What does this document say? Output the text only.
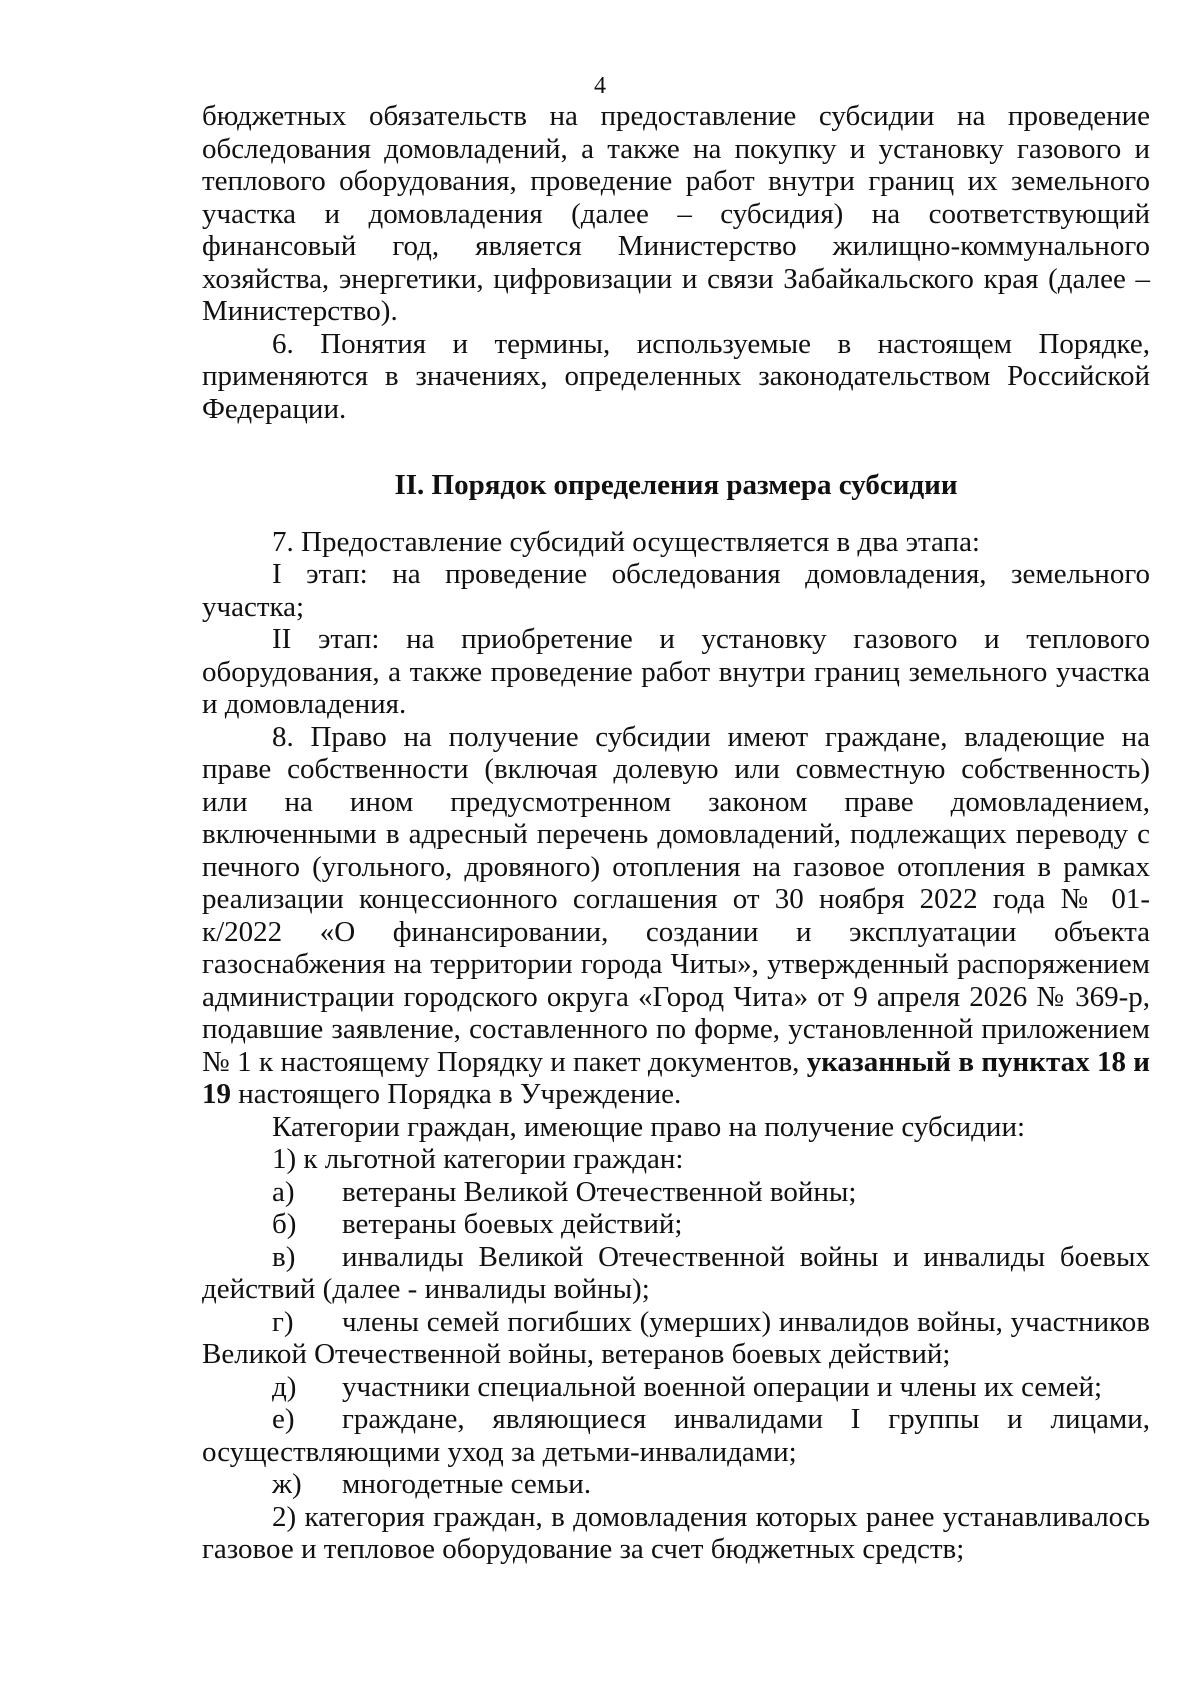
4

бюджетных обязательств на предоставление субсидии на проведение обследования домовладений, а также на покупку и установку газового и теплового оборудования, проведение работ внутри границ их земельного участка и домовладения (далее – субсидия) на соответствующий финансовый год, является Министерство жилищно-коммунального хозяйства, энергетики, цифровизации и связи Забайкальского края (далее – Министерство).

6. Понятия и термины, используемые в настоящем Порядке, применяются в значениях, определенных законодательством Российской Федерации.

II. Порядок определения размера субсидии

7. Предоставление субсидий осуществляется в два этапа:

I этап: на проведение обследования домовладения, земельного участка;

II этап: на приобретение и установку газового и теплового оборудования, а также проведение работ внутри границ земельного участка и домовладения.

8. Право на получение субсидии имеют граждане, владеющие на праве собственности (включая долевую или совместную собственность) или на ином предусмотренном законом праве домовладением, включенными в адресный перечень домовладений, подлежащих переводу с печного (угольного, дровяного) отопления на газовое отопления в рамках реализации концессионного соглашения от 30 ноября 2022 года № 01-к/2022 «О финансировании, создании и эксплуатации объекта газоснабжения на территории города Читы», утвержденный распоряжением администрации городского округа «Город Чита» от 9 апреля 2026 № 369-р, подавшие заявление, составленного по форме, установленной приложением № 1 к настоящему Порядку и пакет документов, указанный в пунктах 18 и 19 настоящего Порядка в Учреждение.

Категории граждан, имеющие право на получение субсидии:

1) к льготной категории граждан:

а) ветераны Великой Отечественной войны;

б) ветераны боевых действий;

в) инвалиды Великой Отечественной войны и инвалиды боевых действий (далее - инвалиды войны);

г) члены семей погибших (умерших) инвалидов войны, участников Великой Отечественной войны, ветеранов боевых действий;

д) участники специальной военной операции и члены их семей;

е) граждане, являющиеся инвалидами I группы и лицами, осуществляющими уход за детьми-инвалидами;

ж) многодетные семьи.

2) категория граждан, в домовладения которых ранее устанавливалось газовое и тепловое оборудование за счет бюджетных средств;
